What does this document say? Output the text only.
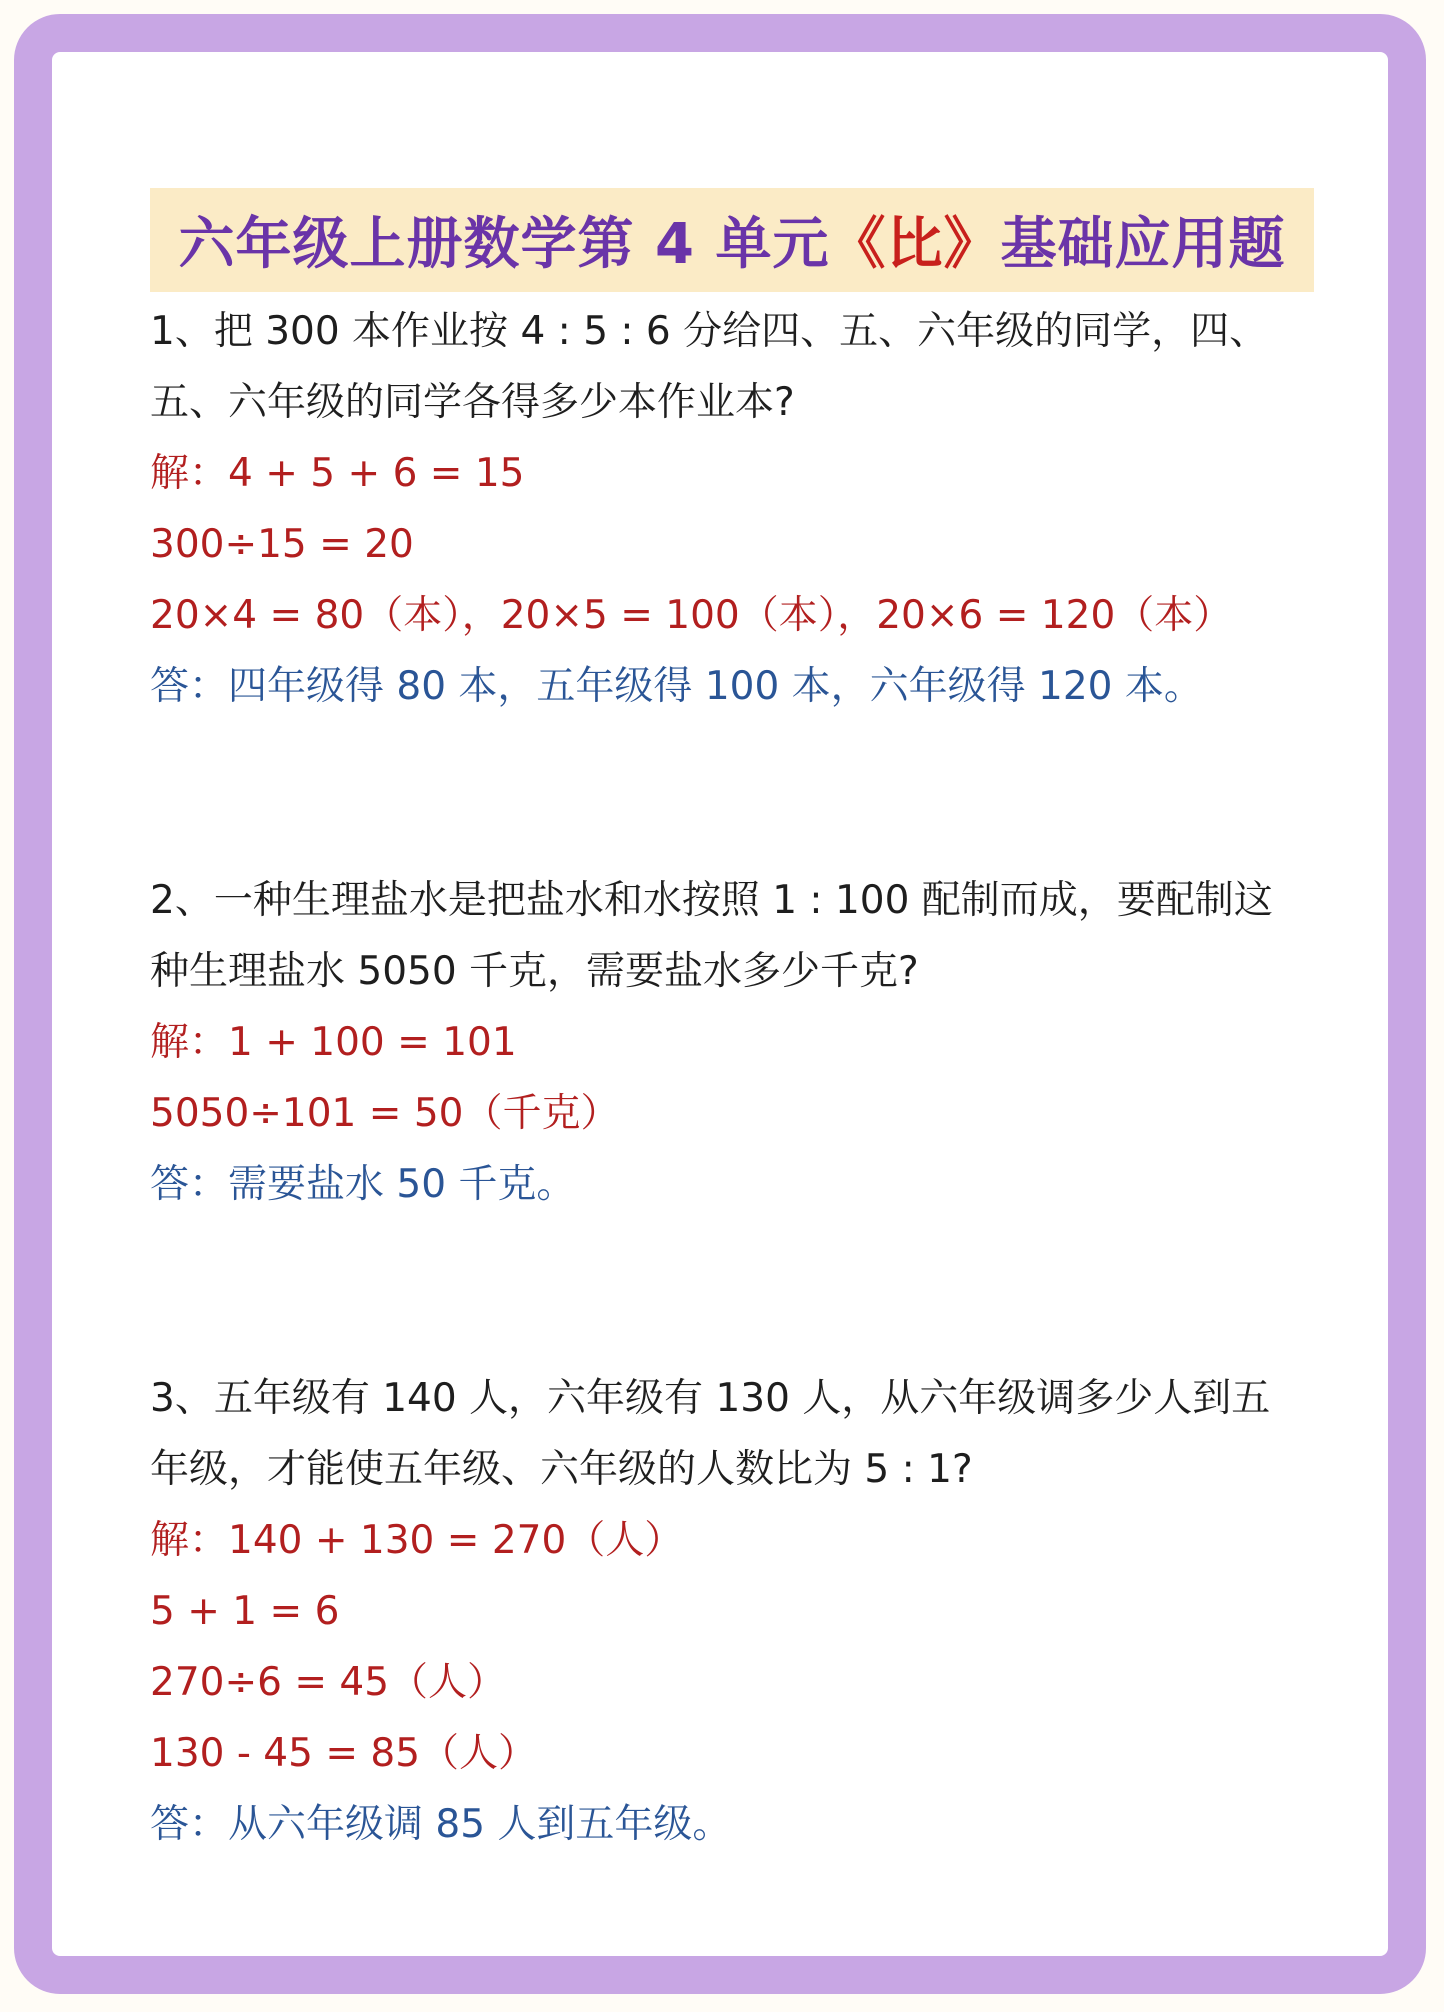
六年级上册数学第 4 单元 《比》 基础应用题
1、把 300 本作业按 4 : 5 : 6 分给四、五、六年级的同学，四、
五、六年级的同学各得多少本作业本?
解：4 + 5 + 6 = 15
300÷15 = 20
20×4 = 80（本），20×5 = 100（本），20×6 = 120（本）
答：四年级得 80 本，五年级得 100 本，六年级得 120 本。
2、一种生理盐水是把盐水和水按照 1 : 100 配制而成，要配制这
种生理盐水 5050 千克，需要盐水多少千克?
解：1 + 100 = 101
5050÷101 = 50（千克）
答：需要盐水 50 千克。
3、五年级有 140 人，六年级有 130 人，从六年级调多少人到五
年级，才能使五年级、六年级的人数比为 5 : 1?
解：140 + 130 = 270（人）
5 + 1 = 6
270÷6 = 45（人）
130 - 45 = 85（人）
答：从六年级调 85 人到五年级。
